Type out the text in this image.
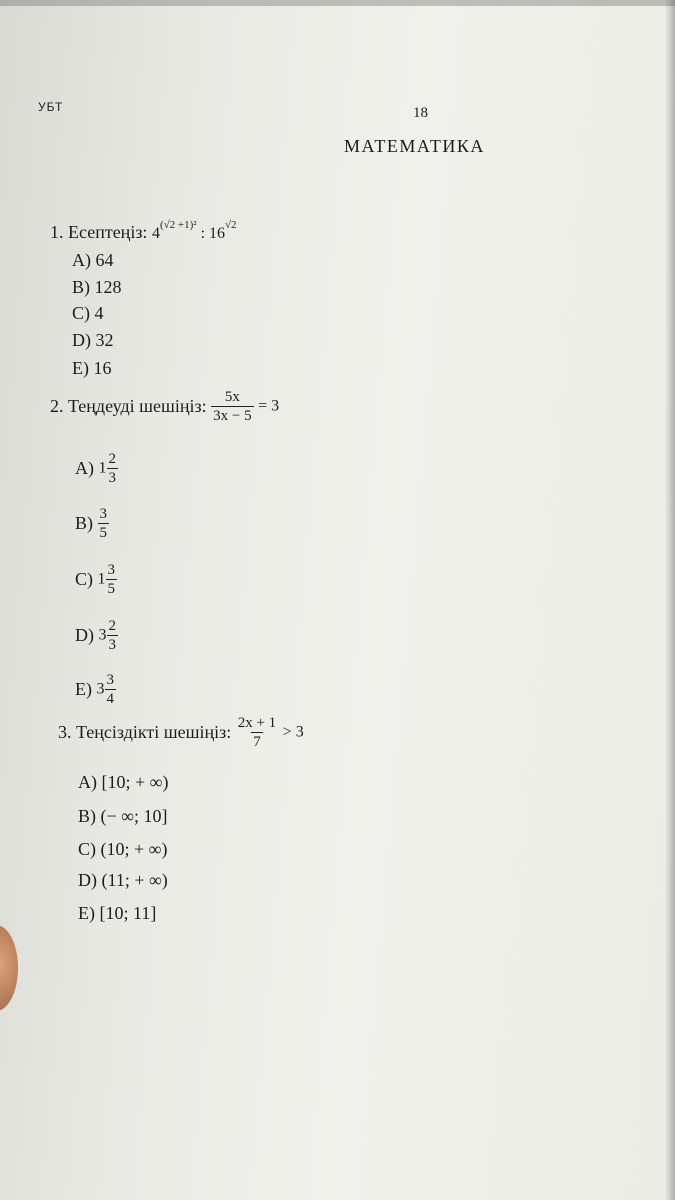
УБТ	18
МАТЕМАТИКА
1. Есептеңіз: $4^{(√2 +1)^2}$ : $16^{√2}$
A) 64
B) 128
C) 4
D) 32
E) 16
2. Теңдеуді шешіңіз: $\frac{5x}{3x - 5} = 3$
A) $1 \frac{2}{3}$
$B) \frac{3}{5}$
C) $1 \frac{3}{5}$
D) $3 \frac{2}{3}$
E) $3 \frac{3}{4}$
3. Теңсіздікті шешіңіз: $\frac{2x + 1}{7} > 3$
A) [10; + ∞)
B) (− ∞; 10]
C) (10; + ∞)
D) (11; + ∞)
E) [10; 11]
